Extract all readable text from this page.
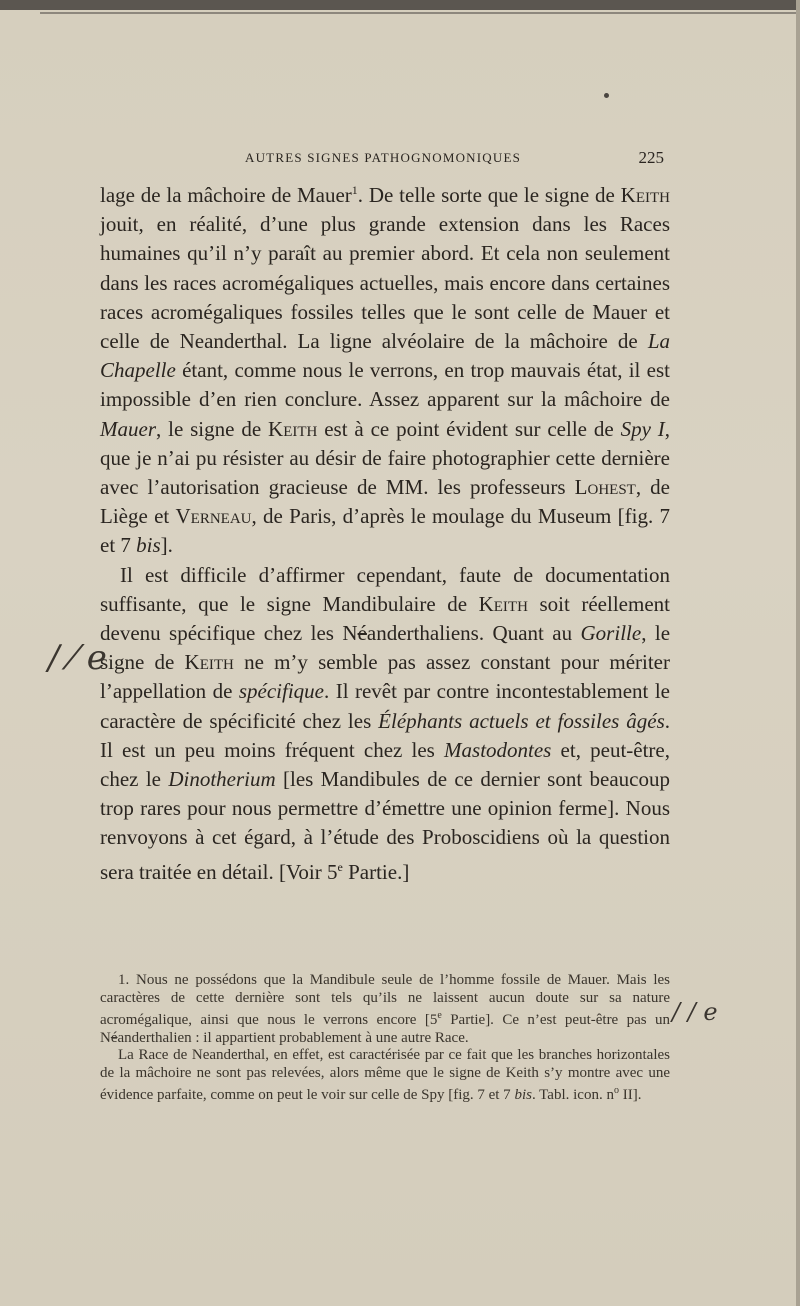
AUTRES SIGNES PATHOGNOMONIQUES	225

lage de la mâchoire de Mauer$^1$. De telle sorte que le signe de Keith jouit, en réalité, d’une plus grande extension dans les Races humaines qu’il n’y paraît au premier abord. Et cela non seulement dans les races acromégaliques actuelles, mais encore dans certaines races acromégaliques fossiles telles que le sont celle de Mauer et celle de Neanderthal. La ligne alvéolaire de la mâchoire de La Chapelle étant, comme nous le verrons, en trop mauvais état, il est impossible d’en rien conclure. Assez apparent sur la mâchoire de Mauer, le signe de Keith est à ce point évident sur celle de Spy I, que je n’ai pu résister au désir de faire photographier cette dernière avec l’autorisation gracieuse de MM. les professeurs Lohest, de Liège et Verneau, de Paris, d’après le moulage du Museum [fig. 7 et 7 bis].

Il est difficile d’affirmer cependant, faute de documentation suffisante, que le signe Mandibulaire de Keith soit réellement devenu spécifique chez les Néanderthaliens. Quant au Gorille, le signe de Keith ne m’y semble pas assez constant pour mériter l’appellation de spécifique. Il revêt par contre incontestablement le caractère de spécificité chez les Éléphants actuels et fossiles âgés. Il est un peu moins fréquent chez les Mastodontes et, peut-être, chez le Dinotherium [les Mandibules de ce dernier sont beaucoup trop rares pour nous permettre d’émettre une opinion ferme]. Nous renvoyons à cet égard, à l’étude des Proboscidiens où la question sera traitée en détail. [Voir 5e Partie.]

1. Nous ne possédons que la Mandibule seule de l’homme fossile de Mauer. Mais les caractères de cette dernière sont tels qu’ils ne laissent aucun doute sur sa nature acromégalique, ainsi que nous le verrons encore [5e Partie]. Ce n’est peut-être pas un Néanderthalien : il appartient probablement à une autre Race.

La Race de Neanderthal, en effet, est caractérisée par ce fait que les branches horizontales de la mâchoire ne sont pas relevées, alors même que le signe de Keith s’y montre avec une évidence parfaite, comme on peut le voir sur celle de Spy [fig. 7 et 7 bis. Tabl. icon. $n^o$ II].

/ ⁄ e
/ / e
